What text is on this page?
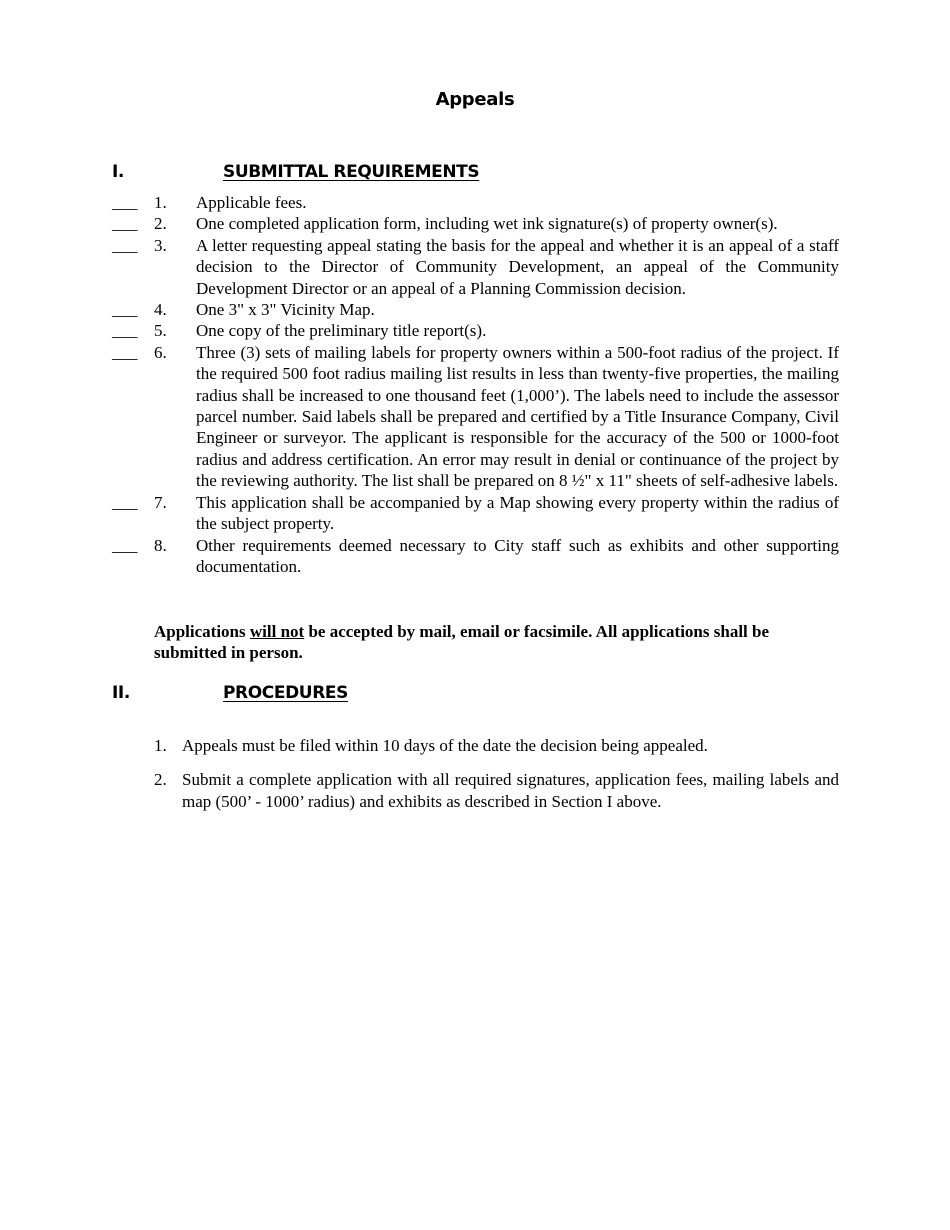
Appeals
I.	SUBMITTAL REQUIREMENTS
___ 1. Applicable fees.
___ 2. One completed application form, including wet ink signature(s) of property owner(s).
___ 3. A letter requesting appeal stating the basis for the appeal and whether it is an appeal of a staff decision to the Director of Community Development, an appeal of the Community Development Director or an appeal of a Planning Commission decision.
___ 4. One 3" x 3" Vicinity Map.
___ 5. One copy of the preliminary title report(s).
___ 6. Three (3) sets of mailing labels for property owners within a 500-foot radius of the project. If the required 500 foot radius mailing list results in less than twenty-five properties, the mailing radius shall be increased to one thousand feet (1,000’). The labels need to include the assessor parcel number. Said labels shall be prepared and certified by a Title Insurance Company, Civil Engineer or surveyor. The applicant is responsible for the accuracy of the 500 or 1000-foot radius and address certification. An error may result in denial or continuance of the project by the reviewing authority. The list shall be prepared on 8 ½" x 11" sheets of self-adhesive labels.
___ 7. This application shall be accompanied by a Map showing every property within the radius of the subject property.
___ 8. Other requirements deemed necessary to City staff such as exhibits and other supporting documentation.
Applications will not be accepted by mail, email or facsimile. All applications shall be submitted in person.
II.	PROCEDURES
1. Appeals must be filed within 10 days of the date the decision being appealed.
2. Submit a complete application with all required signatures, application fees, mailing labels and map (500’ - 1000’ radius) and exhibits as described in Section I above.
